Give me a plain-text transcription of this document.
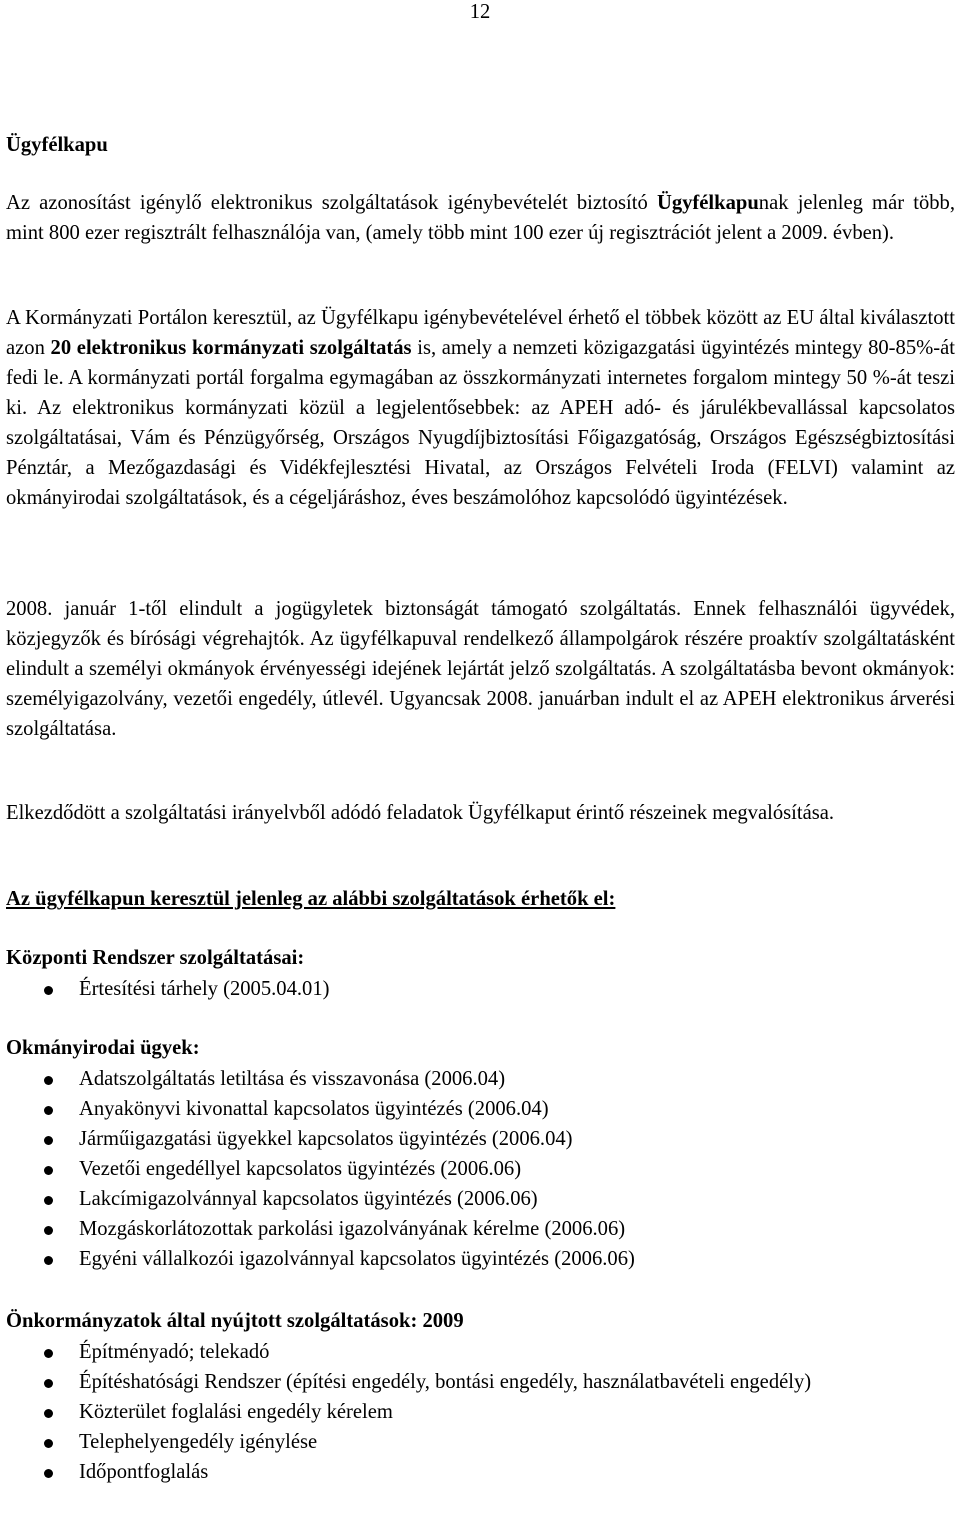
12
Ügyfélkapu

Az azonosítást igénylő elektronikus szolgáltatások igénybevételét biztosító Ügyfélkapunak jelenleg már több, mint 800 ezer regisztrált felhasználója van, (amely több mint 100 ezer új regisztrációt jelent a 2009. évben).

A Kormányzati Portálon keresztül, az Ügyfélkapu igénybevételével érhető el többek között az EU által kiválasztott azon 20 elektronikus kormányzati szolgáltatás is, amely a nemzeti közigazgatási ügyintézés mintegy 80-85%-át fedi le. A kormányzati portál forgalma egymagában az összkormányzati internetes forgalom mintegy 50 %-át teszi ki. Az elektronikus kormányzati közül a legjelentősebbek: az APEH adó- és járulékbevallással kapcsolatos szolgáltatásai, Vám és Pénzügyőrség, Országos Nyugdíjbiztosítási Főigazgatóság, Országos Egészségbiztosítási Pénztár, a Mezőgazdasági és Vidékfejlesztési Hivatal, az Országos Felvételi Iroda (FELVI) valamint az okmányirodai szolgáltatások, és a cégeljáráshoz, éves beszámolóhoz kapcsolódó ügyintézések.

2008. január 1-től elindult a jogügyletek biztonságát támogató szolgáltatás. Ennek felhasználói ügyvédek, közjegyzők és bírósági végrehajtók. Az ügyfélkapuval rendelkező állampolgárok részére proaktív szolgáltatásként elindult a személyi okmányok érvényességi idejének lejártát jelző szolgáltatás. A szolgáltatásba bevont okmányok: személyigazolvány, vezetői engedély, útlevél. Ugyancsak 2008. januárban indult el az APEH elektronikus árverési szolgáltatása.

Elkezdődött a szolgáltatási irányelvből adódó feladatok Ügyfélkaput érintő részeinek megvalósítása.

Az ügyfélkapun keresztül jelenleg az alábbi szolgáltatások érhetők el:
Központi Rendszer szolgáltatásai:
Értesítési tárhely (2005.04.01)
Okmányirodai ügyek:
Adatszolgáltatás letiltása és visszavonása (2006.04)
Anyakönyvi kivonattal kapcsolatos ügyintézés (2006.04)
Járműigazgatási ügyekkel kapcsolatos ügyintézés (2006.04)
Vezetői engedéllyel kapcsolatos ügyintézés (2006.06)
Lakcímigazolvánnyal kapcsolatos ügyintézés (2006.06)
Mozgáskorlátozottak parkolási igazolványának kérelme (2006.06)
Egyéni vállalkozói igazolvánnyal kapcsolatos ügyintézés (2006.06)
Önkormányzatok által nyújtott szolgáltatások: 2009
Építményadó; telekadó
Építéshatósági Rendszer (építési engedély, bontási engedély, használatbavételi engedély)
Közterület foglalási engedély kérelem
Telephelyengedély igénylése
Időpontfoglalás
